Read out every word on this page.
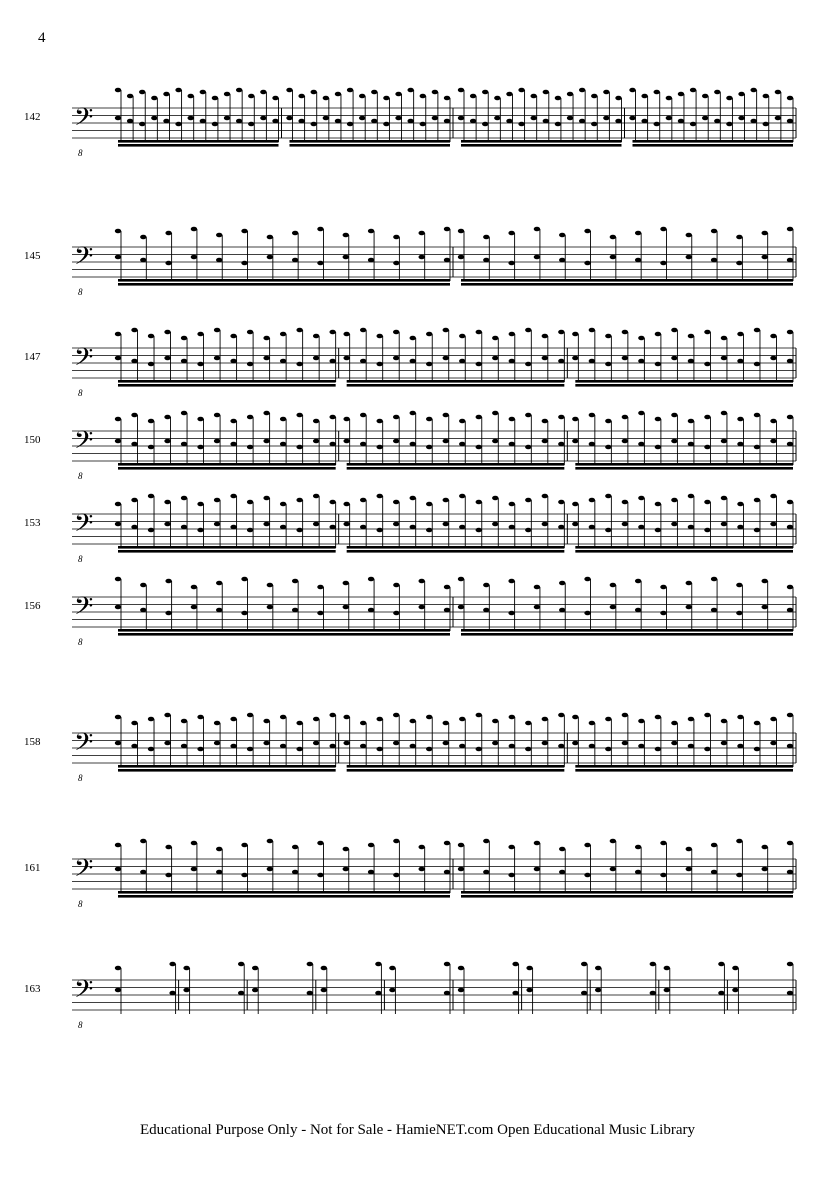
4
142 𝄢
8
145 𝄢
8
147 𝄢
8
150 𝄢
8
153 𝄢
8
156 𝄢
8
158 𝄢
8
161 𝄢
8
163 𝄢
8
Educational Purpose Only - Not for Sale - HamieNET.com Open Educational Music Library
